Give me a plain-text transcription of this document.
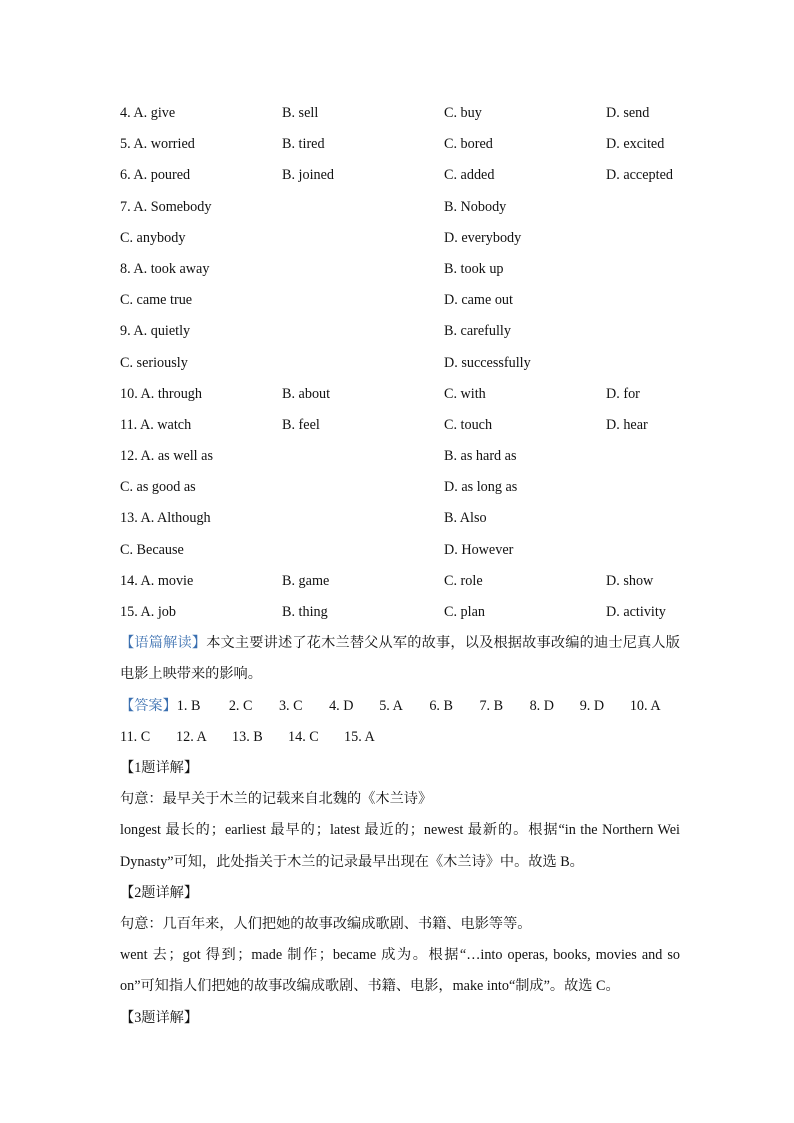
4. A. give	B. sell	C. buy	D. send
5. A. worried	B. tired	C. bored	D. excited
6. A. poured	B. joined	C. added	D. accepted
7. A. Somebody	B. Nobody
C. anybody	D. everybody
8. A. took away	B. took up
C. came true	D. came out
9. A. quietly	B. carefully
C. seriously	D. successfully
10. A. through	B. about	C. with	D. for
11. A. watch	B. feel	C. touch	D. hear
12. A. as well as	B. as hard as
C. as good as	D. as long as
13. A. Although	B. Also
C. Because	D. However
14. A. movie	B. game	C. role	D. show
15. A. job	B. thing	C. plan	D. activity

【语篇解读】本文主要讲述了花木兰替父从军的故事，以及根据故事改编的迪士尼真人版电影上映带来的影响。

【答案】 1. B	2. C	3. C	4. D	5. A	6. B	7. B	8. D	9. D	10. A
11. C	12. A	13. B	14. C	15. A

【1题详解】

句意：最早关于木兰的记载来自北魏的《木兰诗》

longest 最长的；earliest 最早的；latest 最近的；newest 最新的。根据“in the Northern Wei Dynasty”可知，此处指关于木兰的记录最早出现在《木兰诗》中。故选 B。

【2题详解】

句意：几百年来，人们把她的故事改编成歌剧、书籍、电影等等。

went 去；got 得到；made 制作；became 成为。根据“…into operas, books, movies and so on”可知指人们把她的故事改编成歌剧、书籍、电影，make into“制成”。故选 C。

【3题详解】
